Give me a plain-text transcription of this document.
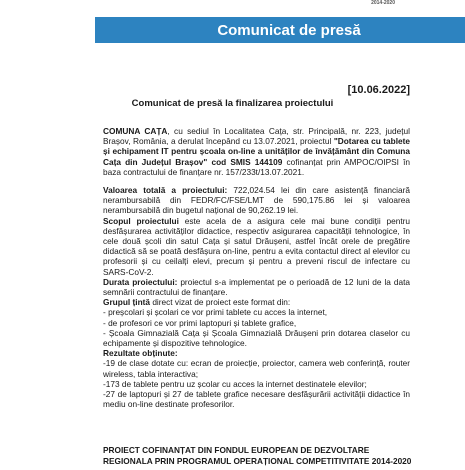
2014-2020
Comunicat de presă
[10.06.2022]
Comunicat de presă la finalizarea proiectului

COMUNA CAȚA, cu sediul în Localitatea Cața, str. Principală, nr. 223, județul Brașov, România, a derulat începând cu 13.07.2021, proiectul "Dotarea cu tablete și echipament IT pentru școala on-line a unităților de învățământ din Comuna Cața din Județul Brașov" cod SMIS 144109 cofinanțat prin AMPOC/OIPSI în baza contractului de finanțare nr. 157/233t/13.07.2021.

Valoarea totală a proiectului: 722,024.54 lei din care asistență financiară nerambursabilă din FEDR/FC/FSE/LMT de 590,175.86 lei și valoarea nerambursabilă din bugetul național de 90,262.19 lei.

Scopul proiectului este acela de a asigura cele mai bune condiții pentru desfășurarea activităților didactice, respectiv asigurarea capacității tehnologice, în cele două școli din satul Cața și satul Drăușeni, astfel încât orele de pregătire didactică să se poată desfășura on-line, pentru a evita contactul direct al elevilor cu profesorii și cu ceilalți elevi, precum și pentru a preveni riscul de infectare cu SARS-CoV-2.

Durata proiectului: proiectul s-a implementat pe o perioadă de 12 luni de la data semnării contractului de finanțare.

Grupul țintă direct vizat de proiect este format din:

- preșcolari și școlari ce vor primi tablete cu acces la internet,

- de profesori ce vor primi laptopuri și tablete grafice,

- Școala Gimnazială Cața și Școala Gimnazială Drăușeni prin dotarea claselor cu echipamente și dispozitive tehnologice.

Rezultate obținute:

-19 de clase dotate cu: ecran de proiecție, proiector, camera web conferință, router wireless, tabla interactiva;

-173 de tablete pentru uz școlar cu acces la internet destinatele elevilor;

-27 de laptopuri și 27 de tablete grafice necesare desfășurării activității didactice în mediu on-line destinate profesorilor.

PROIECT COFINANȚAT DIN FONDUL EUROPEAN DE DEZVOLTARE REGIONALA PRIN PROGRAMUL OPERAȚIONAL COMPETITIVITATE 2014-2020
